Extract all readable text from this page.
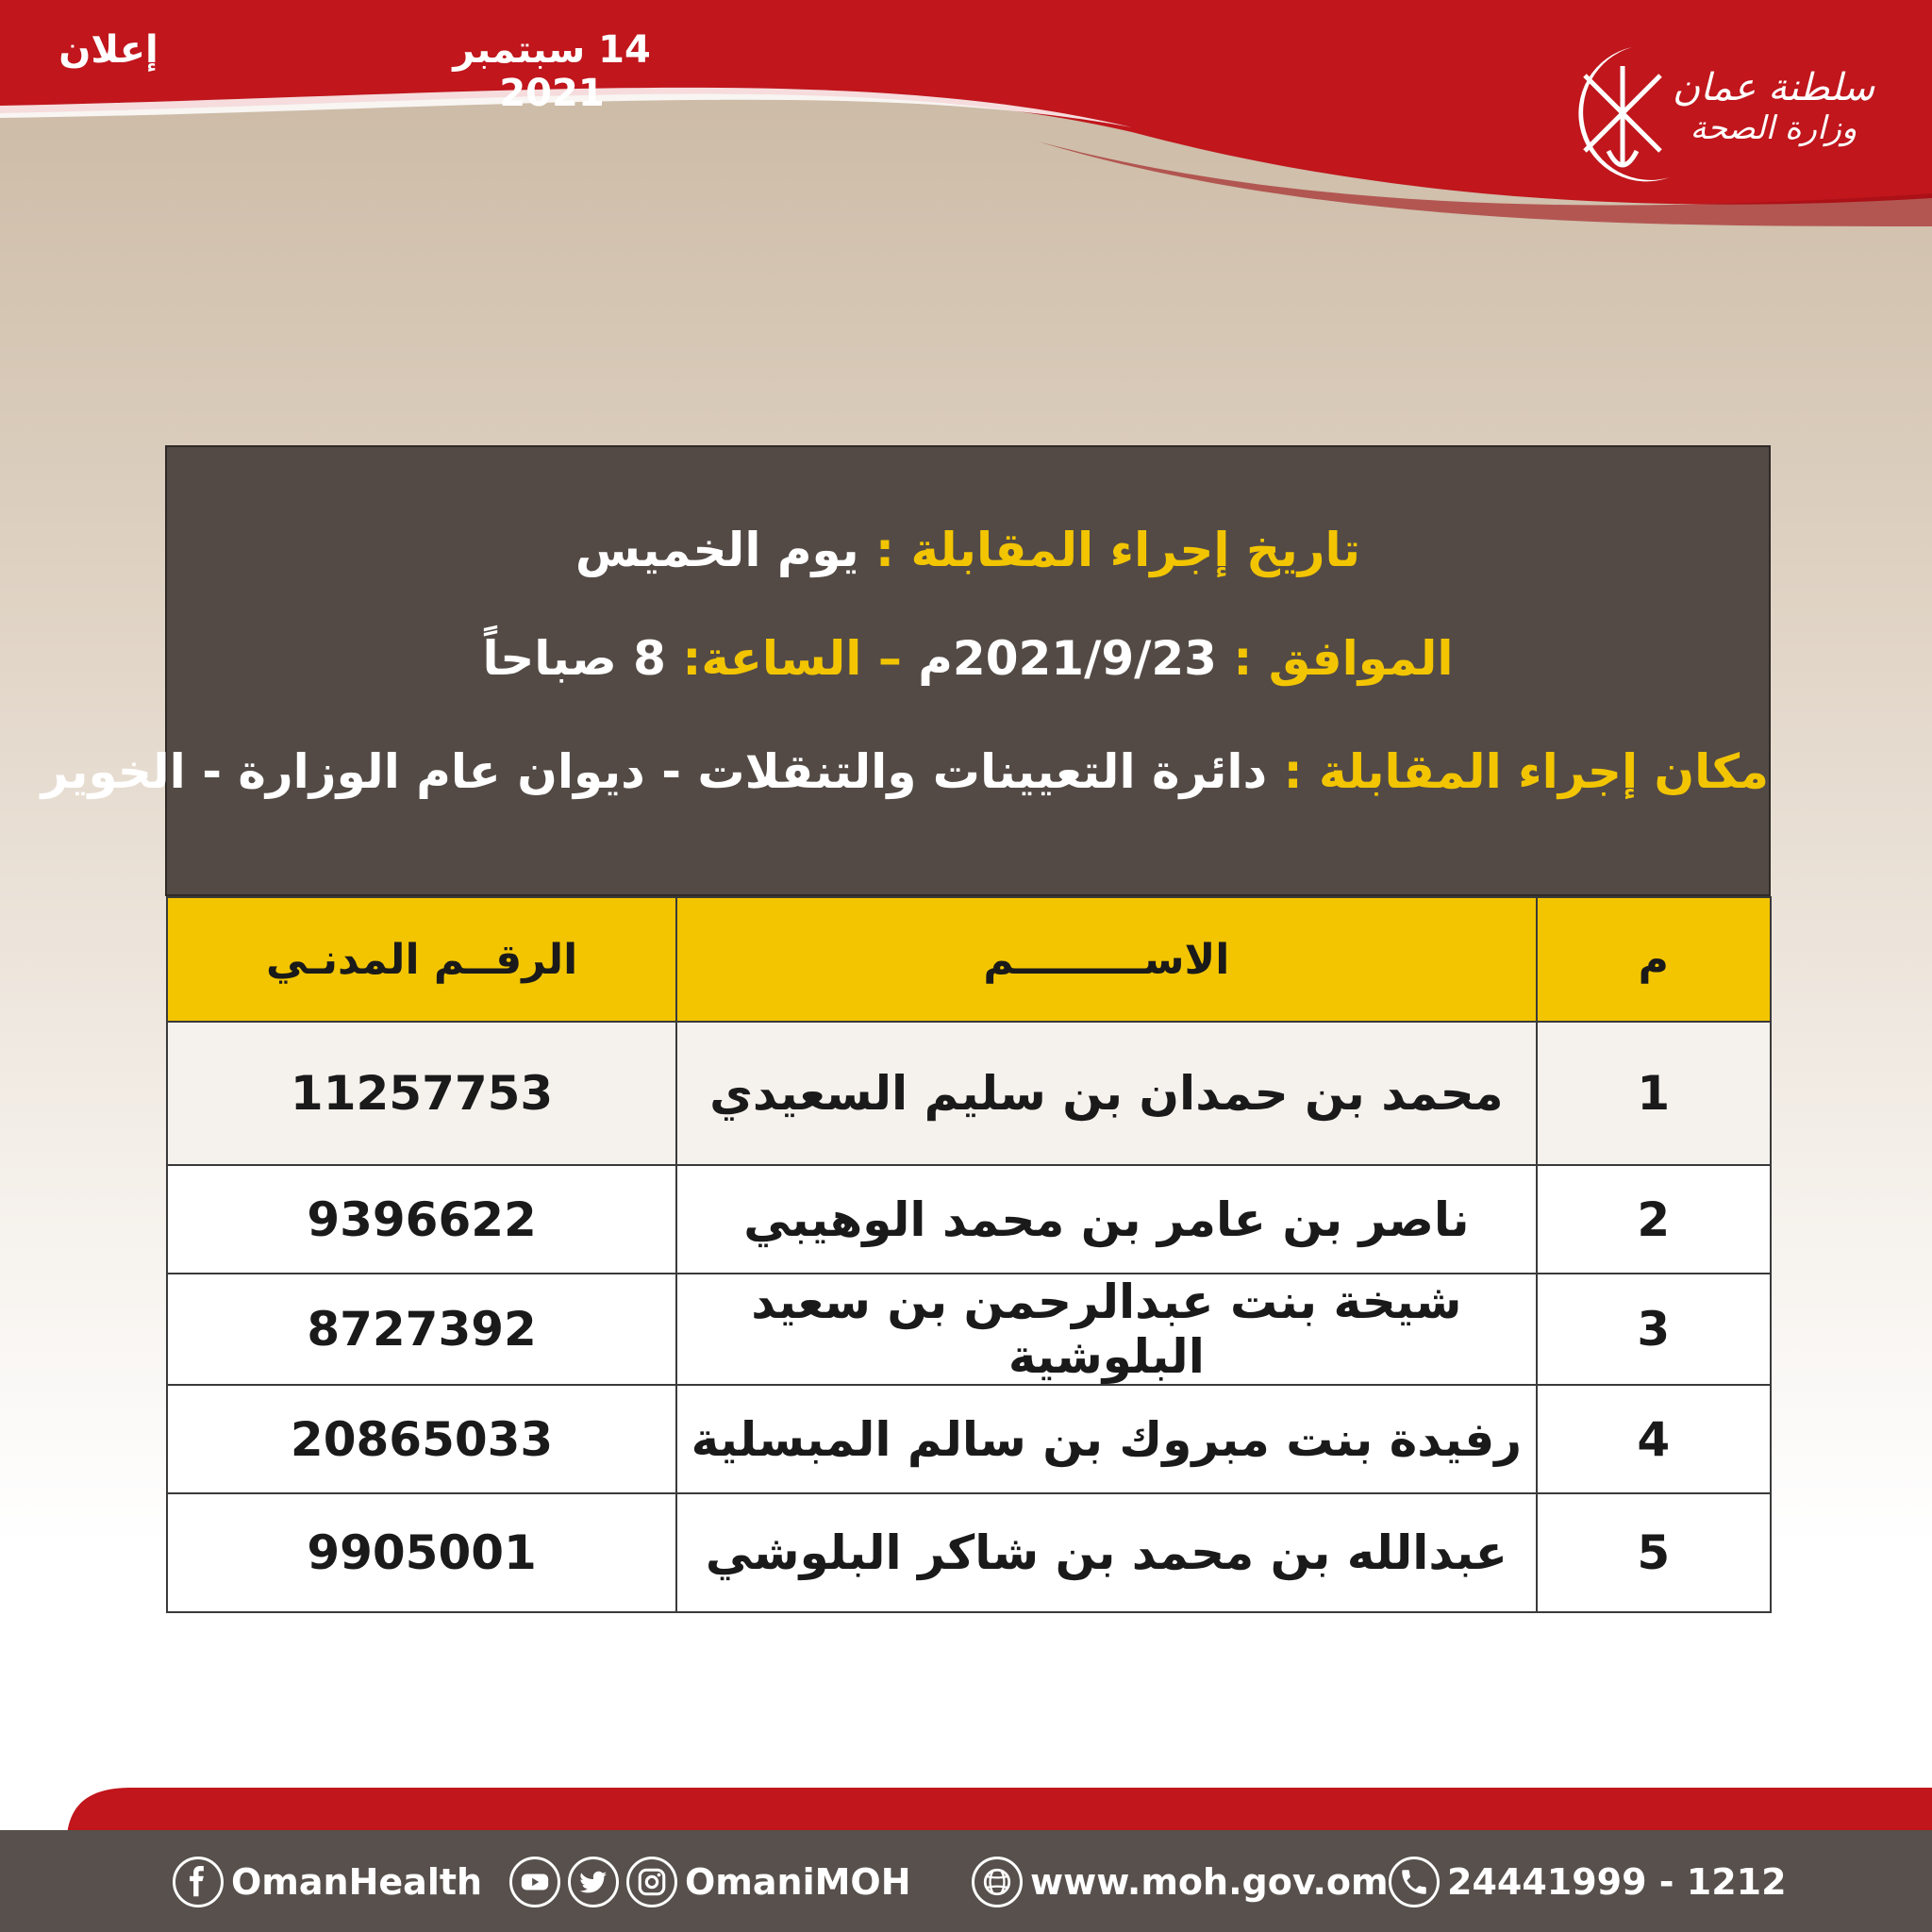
14 سبتمبر 2021
إعلان
سلطنة عمان
وزارة الصحة
تاريخ إجراء المقابلة : يوم الخميس
الموافق : 2021/9/23م – الساعة: 8 صباحاً
مكان إجراء المقابلة : دائرة التعيينات والتنقلات - ديوان عام الوزارة - الخوير
م	الاســـــــــم	الرقــم المدنـي
1	محمد بن حمدان بن سليم السعيدي	11257753
2	ناصر بن عامر بن محمد الوهيبي	9396622
3	شيخة بنت عبدالرحمن بن سعيد البلوشية	8727392
4	رفيدة بنت مبروك بن سالم المبسلية	20865033
5	عبدالله بن محمد بن شاكر البلوشي	9905001
OmanHealth	OmaniMOH	www.moh.gov.om 24441999 - 1212
